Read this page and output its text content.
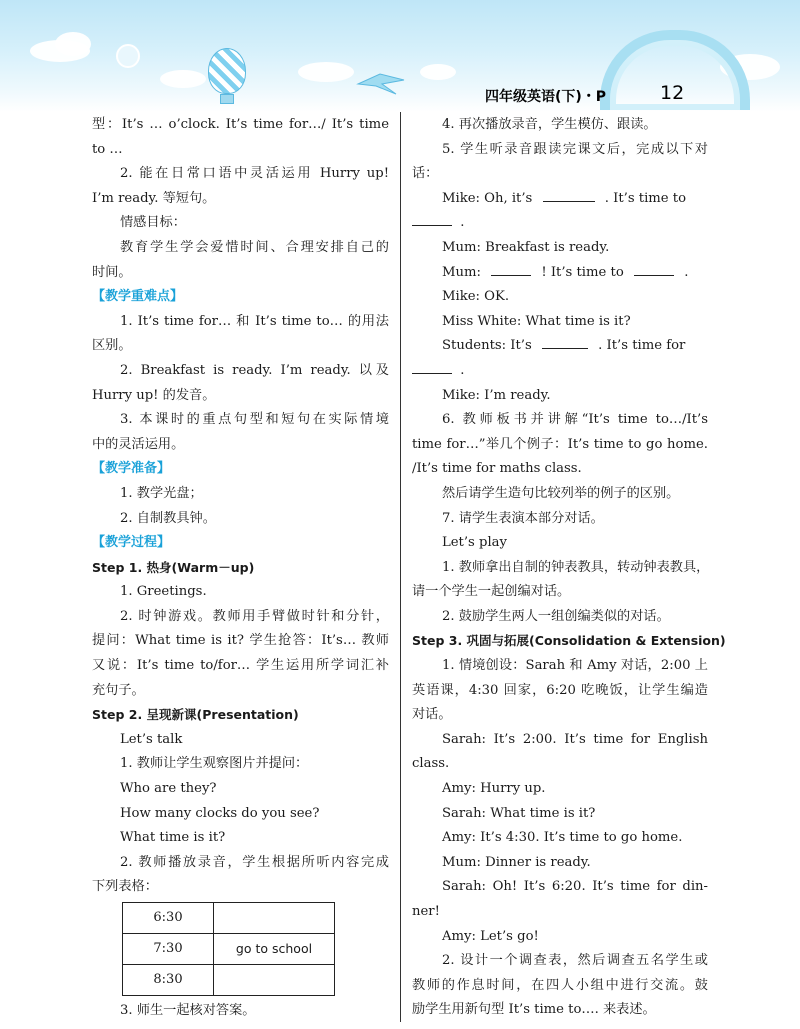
四年级英语(下)・P	12
型：It’s … o’clock. It’s time for…/ It’s time
to …
2. 能在日常口语中灵活运用 Hurry up!
I’m ready. 等短句。
情感目标：
教育学生学会爱惜时间、合理安排自己的
时间。
【教学重难点】
1. It’s time for… 和 It’s time to… 的用法
区别。
2. Breakfast is ready. I’m ready. 以及
Hurry up! 的发音。
3. 本课时的重点句型和短句在实际情境
中的灵活运用。
【教学准备】
1. 教学光盘；
2. 自制教具钟。
【教学过程】
Step 1. 热身(Warm－up)
1. Greetings.
2. 时钟游戏。教师用手臂做时针和分针，
提问：What time is it? 学生抢答：It’s… 教师
又说：It’s time to/for… 学生运用所学词汇补
充句子。
Step 2. 呈现新课(Presentation)
Let’s talk
1. 教师让学生观察图片并提问：
Who are they?
How many clocks do you see?
What time is it?
2. 教师播放录音，学生根据所听内容完成
下列表格：
6:30	
7:30	go to school
8:30	
3. 师生一起核对答案。
4. 再次播放录音，学生模仿、跟读。
5. 学生听录音跟读完课文后，完成以下对
话：
Mike: Oh, it’s	. It’s time to
.
Mum: Breakfast is ready.
Mum:	! It’s time to	.
Mike: OK.
Miss White: What time is it?
Students: It’s	. It’s time for
.
Mike: I’m ready.
6. 教师板书并讲解“It’s time to…/It’s
time for…”举几个例子：It’s time to go home.
/It’s time for maths class.
然后请学生造句比较列举的例子的区别。
7. 请学生表演本部分对话。
Let’s play
1. 教师拿出自制的钟表教具，转动钟表教具，
请一个学生一起创编对话。
2. 鼓励学生两人一组创编类似的对话。
Step 3. 巩固与拓展(Consolidation & Extension)
1. 情境创设：Sarah 和 Amy 对话，2:00 上
英语课，4:30 回家，6:20 吃晚饭，让学生编造
对话。
Sarah: It’s 2:00. It’s time for English
class.
Amy: Hurry up.
Sarah: What time is it?
Amy: It’s 4:30. It’s time to go home.
Mum: Dinner is ready.
Sarah: Oh! It’s 6:20. It’s time for din-
ner!
Amy: Let’s go!
2. 设计一个调查表，然后调查五名学生或
教师的作息时间，在四人小组中进行交流。鼓
励学生用新句型 It’s time to…. 来表述。
